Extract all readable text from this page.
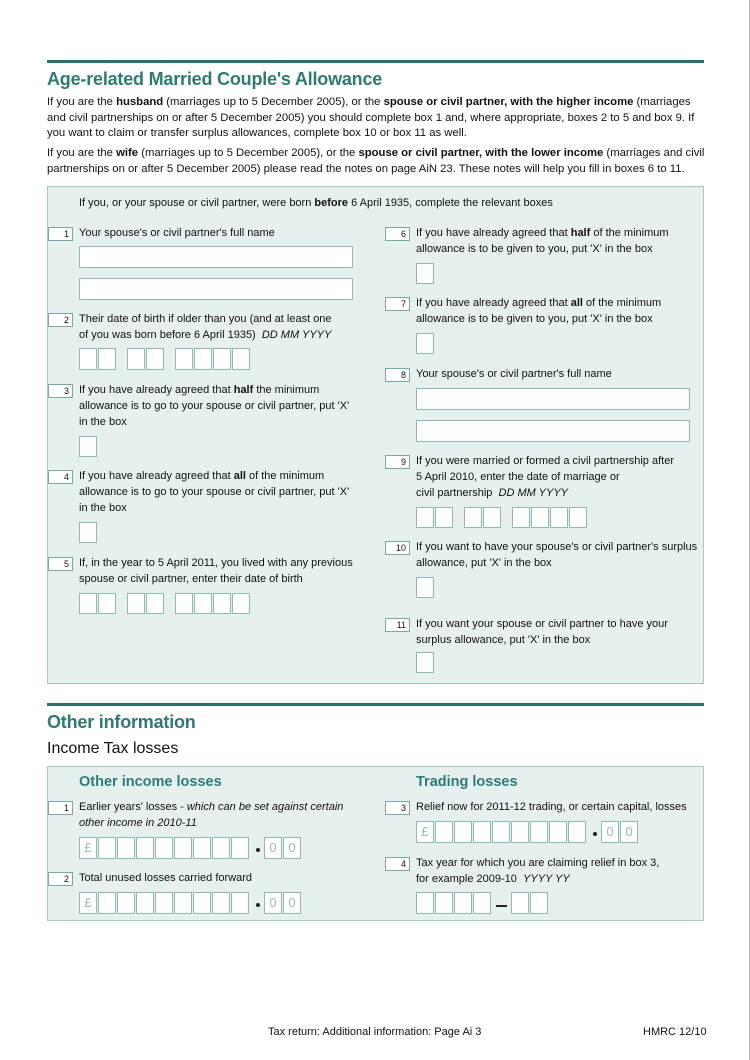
Age-related Married Couple's Allowance
If you are the husband (marriages up to 5 December 2005), or the spouse or civil partner, with the higher income (marriages and civil partnerships on or after 5 December 2005) you should complete box 1 and, where appropriate, boxes 2 to 5 and box 9. If you want to claim or transfer surplus allowances, complete box 10 or box 11 as well.
If you are the wife (marriages up to 5 December 2005), or the spouse or civil partner, with the lower income (marriages and civil partnerships on or after 5 December 2005) please read the notes on page AiN 23. These notes will help you fill in boxes 6 to 11.
If you, or your spouse or civil partner, were born before 6 April 1935, complete the relevant boxes
1 Your spouse's or civil partner's full name
2 Their date of birth if older than you (and at least one
of you was born before 6 April 1935) DD MM YYYY
3 If you have already agreed that half the minimum
allowance is to go to your spouse or civil partner, put 'X'
in the box
4 If you have already agreed that all of the minimum
allowance is to go to your spouse or civil partner, put 'X'
in the box
5 If, in the year to 5 April 2011, you lived with any previous
spouse or civil partner, enter their date of birth
6 If you have already agreed that half of the minimum
allowance is to be given to you, put 'X' in the box
7 If you have already agreed that all of the minimum
allowance is to be given to you, put 'X' in the box
8 Your spouse's or civil partner's full name
9 If you were married or formed a civil partnership after
5 April 2010, enter the date of marriage or
civil partnership DD MM YYYY
10 If you want to have your spouse's or civil partner's surplus
allowance, put 'X' in the box
11 If you want your spouse or civil partner to have your
surplus allowance, put 'X' in the box
Other information
Income Tax losses
Other income losses	Trading losses
1 Earlier years' losses - which can be set against certain
other income in 2010-11
£	0 0
2 Total unused losses carried forward
£	0 0
3 Relief now for 2011-12 trading, or certain capital, losses
£	0 0
4 Tax year for which you are claiming relief in box 3,
for example 2009-10 YYYY YY
Tax return: Additional information: Page Ai 3	HMRC 12/10
